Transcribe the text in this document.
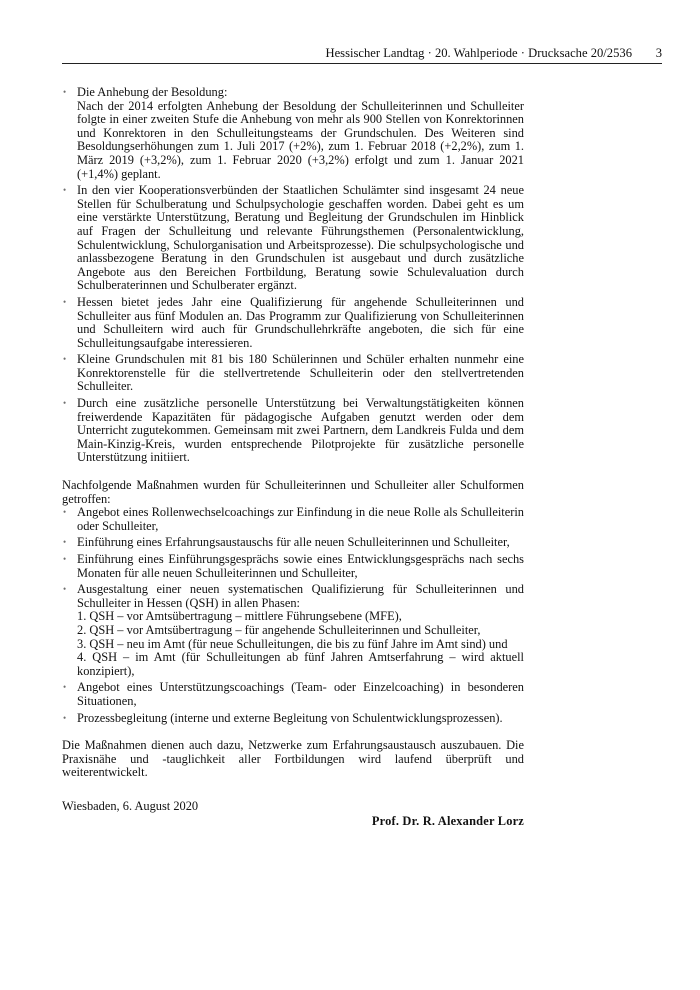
Hessischer Landtag · 20. Wahlperiode · Drucksache 20/2536 3
• Die Anhebung der Besoldung:
Nach der 2014 erfolgten Anhebung der Besoldung der Schulleiterinnen und Schulleiter folgte in einer zweiten Stufe die Anhebung von mehr als 900 Stellen von Konrektorinnen und Konrektoren in den Schulleitungsteams der Grundschulen. Des Weiteren sind Besoldungserhöhungen zum 1. Juli 2017 (+2%), zum 1. Februar 2018 (+2,2%), zum 1. März 2019 (+3,2%), zum 1. Februar 2020 (+3,2%) erfolgt und zum 1. Januar 2021 (+1,4%) geplant.
• In den vier Kooperationsverbünden der Staatlichen Schulämter sind insgesamt 24 neue Stellen für Schulberatung und Schulpsychologie geschaffen worden. Dabei geht es um eine verstärkte Unterstützung, Beratung und Begleitung der Grundschulen im Hinblick auf Fragen der Schulleitung und relevante Führungsthemen (Personalentwicklung, Schulentwicklung, Schulorganisation und Arbeitsprozesse). Die schulpsychologische und anlassbezogene Beratung in den Grundschulen ist ausgebaut und durch zusätzliche Angebote aus den Bereichen Fortbildung, Beratung sowie Schulevaluation durch Schulberaterinnen und Schulberater ergänzt.
• Hessen bietet jedes Jahr eine Qualifizierung für angehende Schulleiterinnen und Schulleiter aus fünf Modulen an. Das Programm zur Qualifizierung von Schulleiterinnen und Schulleitern wird auch für Grundschullehrkräfte angeboten, die sich für eine Schulleitungsaufgabe interessieren.
• Kleine Grundschulen mit 81 bis 180 Schülerinnen und Schüler erhalten nunmehr eine Konrektorenstelle für die stellvertretende Schulleiterin oder den stellvertretenden Schulleiter.
• Durch eine zusätzliche personelle Unterstützung bei Verwaltungstätigkeiten können freiwerdende Kapazitäten für pädagogische Aufgaben genutzt werden oder dem Unterricht zugutekommen. Gemeinsam mit zwei Partnern, dem Landkreis Fulda und dem Main-Kinzig-Kreis, wurden entsprechende Pilotprojekte für zusätzliche personelle Unterstützung initiiert.

Nachfolgende Maßnahmen wurden für Schulleiterinnen und Schulleiter aller Schulformen getroffen:

• Angebot eines Rollenwechselcoachings zur Einfindung in die neue Rolle als Schulleiterin oder Schulleiter,
• Einführung eines Erfahrungsaustauschs für alle neuen Schulleiterinnen und Schulleiter,
• Einführung eines Einführungsgesprächs sowie eines Entwicklungsgesprächs nach sechs Monaten für alle neuen Schulleiterinnen und Schulleiter,
• Ausgestaltung einer neuen systematischen Qualifizierung für Schulleiterinnen und Schulleiter in Hessen (QSH) in allen Phasen:
1. QSH – vor Amtsübertragung – mittlere Führungsebene (MFE),
2. QSH – vor Amtsübertragung – für angehende Schulleiterinnen und Schulleiter,
3. QSH – neu im Amt (für neue Schulleitungen, die bis zu fünf Jahre im Amt sind) und
4. QSH – im Amt (für Schulleitungen ab fünf Jahren Amtserfahrung – wird aktuell konzipiert),
• Angebot eines Unterstützungscoachings (Team- oder Einzelcoaching) in besonderen Situationen,
• Prozessbegleitung (interne und externe Begleitung von Schulentwicklungsprozessen).

Die Maßnahmen dienen auch dazu, Netzwerke zum Erfahrungsaustausch auszubauen. Die Praxisnähe und -tauglichkeit aller Fortbildungen wird laufend überprüft und weiterentwickelt.

Wiesbaden, 6. August 2020
Prof. Dr. R. Alexander Lorz
